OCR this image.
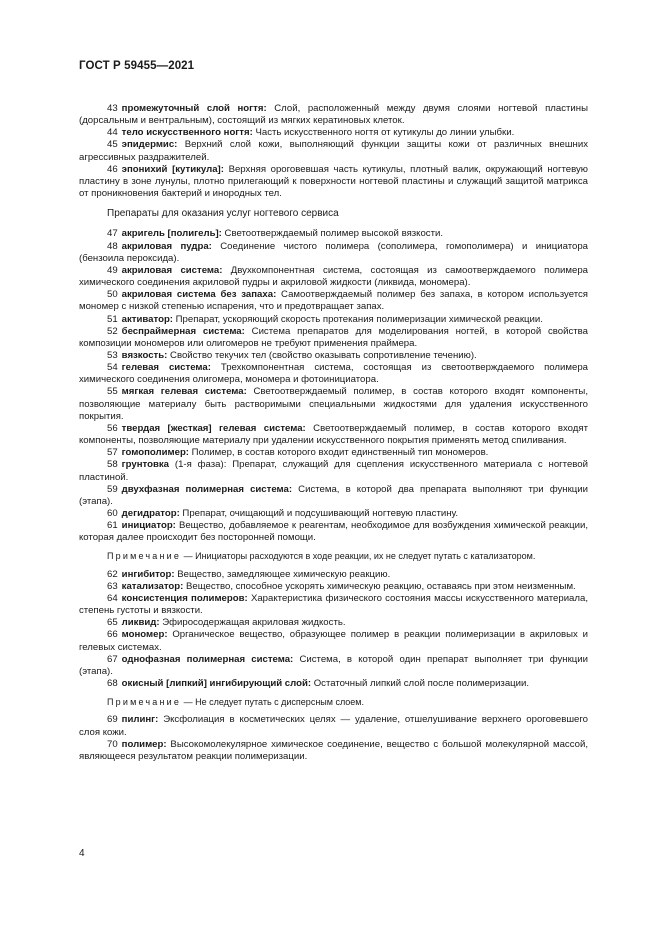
ГОСТ Р 59455—2021

43 промежуточный слой ногтя: Слой, расположенный между двумя слоями ногтевой пластины (дорсальным и вентральным), состоящий из мягких кератиновых клеток.

44 тело искусственного ногтя: Часть искусственного ногтя от кутикулы до линии улыбки.

45 эпидермис: Верхний слой кожи, выполняющий функции защиты кожи от различных внешних агрессивных раздражителей.

46 эпонихий [кутикула]: Верхняя ороговевшая часть кутикулы, плотный валик, окружающий ногтевую пластину в зоне лунулы, плотно прилегающий к поверхности ногтевой пластины и служащий защитой матрикса от проникновения бактерий и инородных тел.

Препараты для оказания услуг ногтевого сервиса

47 акригель [полигель]: Светоотверждаемый полимер высокой вязкости.

48 акриловая пудра: Соединение чистого полимера (сополимера, гомополимера) и инициатора (бензоила пероксида).

49 акриловая система: Двухкомпонентная система, состоящая из самоотверждаемого полимера химического соединения акриловой пудры и акриловой жидкости (ликвида, мономера).

50 акриловая система без запаха: Самоотверждаемый полимер без запаха, в котором используется мономер с низкой степенью испарения, что и предотвращает запах.

51 активатор: Препарат, ускоряющий скорость протекания полимеризации химической реакции.

52 беспраймерная система: Система препаратов для моделирования ногтей, в которой свойства композиции мономеров или олигомеров не требуют применения праймера.

53 вязкость: Свойство текучих тел (свойство оказывать сопротивление течению).

54 гелевая система: Трехкомпонентная система, состоящая из светоотверждаемого полимера химического соединения олигомера, мономера и фотоинициатора.

55 мягкая гелевая система: Светоотверждаемый полимер, в состав которого входят компоненты, позволяющие материалу быть растворимыми специальными жидкостями для удаления искусственного покрытия.

56 твердая [жесткая] гелевая система: Светоотверждаемый полимер, в состав которого входят компоненты, позволяющие материалу при удалении искусственного покрытия применять метод спиливания.

57 гомополимер: Полимер, в состав которого входит единственный тип мономеров.

58 грунтовка (1-я фаза): Препарат, служащий для сцепления искусственного материала с ногтевой пластиной.

59 двухфазная полимерная система: Система, в которой два препарата выполняют три функции (этапа).

60 дегидратор: Препарат, очищающий и подсушивающий ногтевую пластину.

61 инициатор: Вещество, добавляемое к реагентам, необходимое для возбуждения химической реакции, которая далее происходит без посторонней помощи.

Примечание — Инициаторы расходуются в ходе реакции, их не следует путать с катализатором.

62 ингибитор: Вещество, замедляющее химическую реакцию.

63 катализатор: Вещество, способное ускорять химическую реакцию, оставаясь при этом неизменным.

64 консистенция полимеров: Характеристика физического состояния массы искусственного материала, степень густоты и вязкости.

65 ликвид: Эфиросодержащая акриловая жидкость.

66 мономер: Органическое вещество, образующее полимер в реакции полимеризации в акриловых и гелевых системах.

67 однофазная полимерная система: Система, в которой один препарат выполняет три функции (этапа).

68 окисный [липкий] ингибирующий слой: Остаточный липкий слой после полимеризации.

Примечание — Не следует путать с дисперсным слоем.

69 пилинг: Эксфолиация в косметических целях — удаление, отшелушивание верхнего ороговевшего слоя кожи.

70 полимер: Высокомолекулярное химическое соединение, вещество с большой молекулярной массой, являющееся результатом реакции полимеризации.

4
